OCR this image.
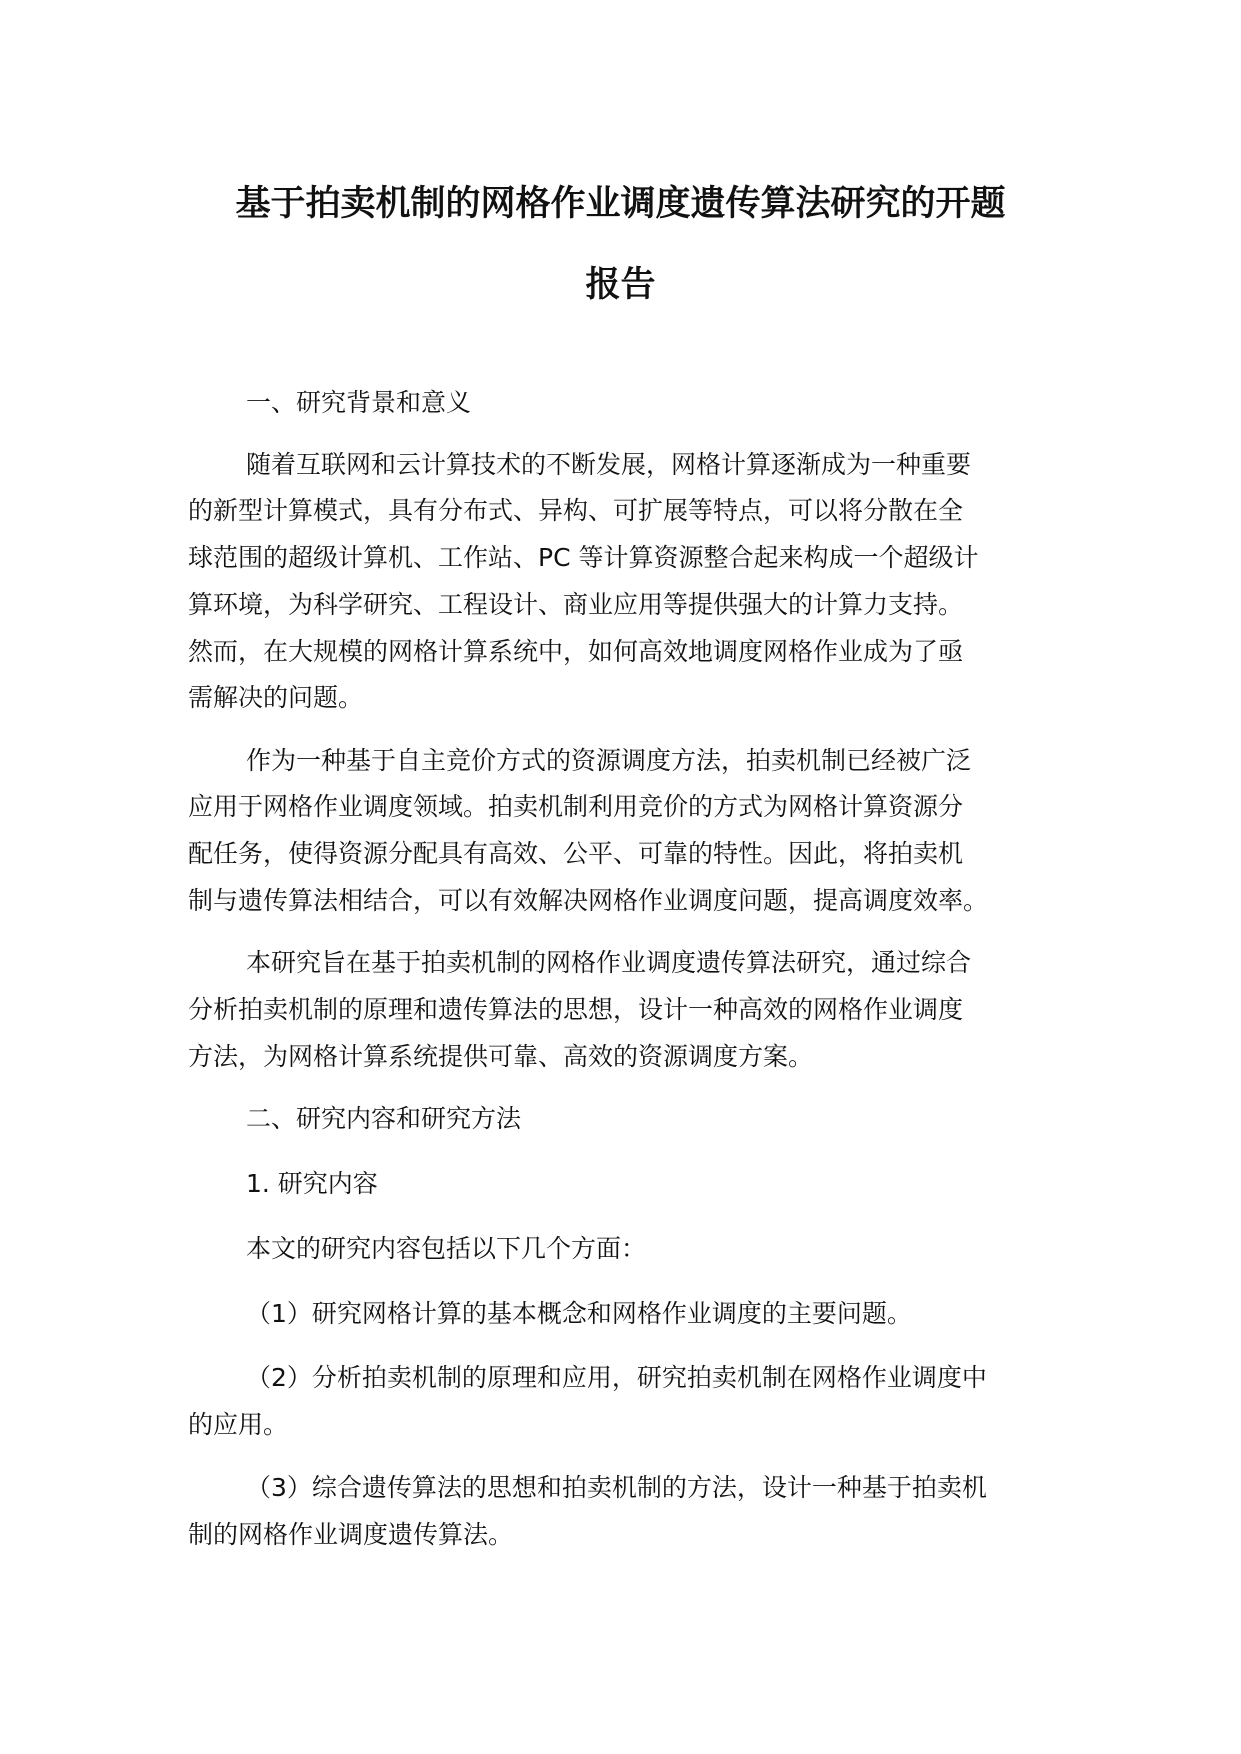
基于拍卖机制的网格作业调度遗传算法研究的开题
报告
一、研究背景和意义
随着互联网和云计算技术的不断发展，网格计算逐渐成为一种重要
的新型计算模式，具有分布式、异构、可扩展等特点，可以将分散在全
球范围的超级计算机、工作站、PC 等计算资源整合起来构成一个超级计
算环境，为科学研究、工程设计、商业应用等提供强大的计算力支持。
然而，在大规模的网格计算系统中，如何高效地调度网格作业成为了亟
需解决的问题。
作为一种基于自主竞价方式的资源调度方法，拍卖机制已经被广泛
应用于网格作业调度领域。拍卖机制利用竞价的方式为网格计算资源分
配任务，使得资源分配具有高效、公平、可靠的特性。因此，将拍卖机
制与遗传算法相结合，可以有效解决网格作业调度问题，提高调度效率。
本研究旨在基于拍卖机制的网格作业调度遗传算法研究，通过综合
分析拍卖机制的原理和遗传算法的思想，设计一种高效的网格作业调度
方法，为网格计算系统提供可靠、高效的资源调度方案。
二、研究内容和研究方法
1. 研究内容
本文的研究内容包括以下几个方面：
（1）研究网格计算的基本概念和网格作业调度的主要问题。
（2）分析拍卖机制的原理和应用，研究拍卖机制在网格作业调度中
的应用。
（3）综合遗传算法的思想和拍卖机制的方法，设计一种基于拍卖机
制的网格作业调度遗传算法。
